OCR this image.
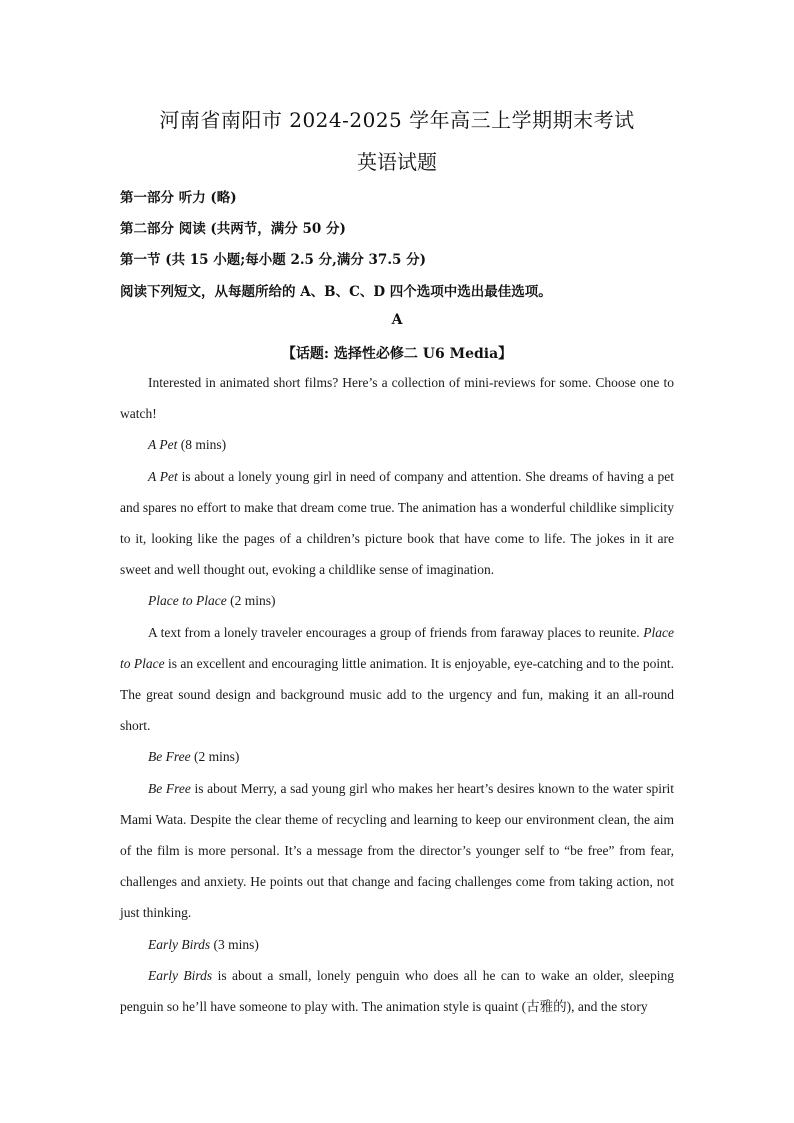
河南省南阳市 2024-2025 学年高三上学期期末考试
英语试题
第一部分 听力 (略)
第二部分 阅读 (共两节，满分 50 分)
第一节 (共 15 小题;每小题 2.5 分,满分 37.5 分)
阅读下列短文，从每题所给的 A、B、C、D 四个选项中选出最佳选项。
A
【话题: 选择性必修二 U6 Media】

Interested in animated short films? Here’s a collection of mini-reviews for some. Choose one to watch!

A Pet (8 mins)

A Pet is about a lonely young girl in need of company and attention. She dreams of having a pet and spares no effort to make that dream come true. The animation has a wonderful childlike simplicity to it, looking like the pages of a children’s picture book that have come to life. The jokes in it are sweet and well thought out, evoking a childlike sense of imagination.

Place to Place (2 mins)

A text from a lonely traveler encourages a group of friends from faraway places to reunite. Place to Place is an excellent and encouraging little animation. It is enjoyable, eye-catching and to the point. The great sound design and background music add to the urgency and fun, making it an all-round short.

Be Free (2 mins)

Be Free is about Merry, a sad young girl who makes her heart’s desires known to the water spirit Mami Wata. Despite the clear theme of recycling and learning to keep our environment clean, the aim of the film is more personal. It’s a message from the director’s younger self to “be free” from fear, challenges and anxiety. He points out that change and facing challenges come from taking action, not just thinking.

Early Birds (3 mins)

Early Birds is about a small, lonely penguin who does all he can to wake an older, sleeping penguin so he’ll have someone to play with. The animation style is quaint (古雅的), and the story
